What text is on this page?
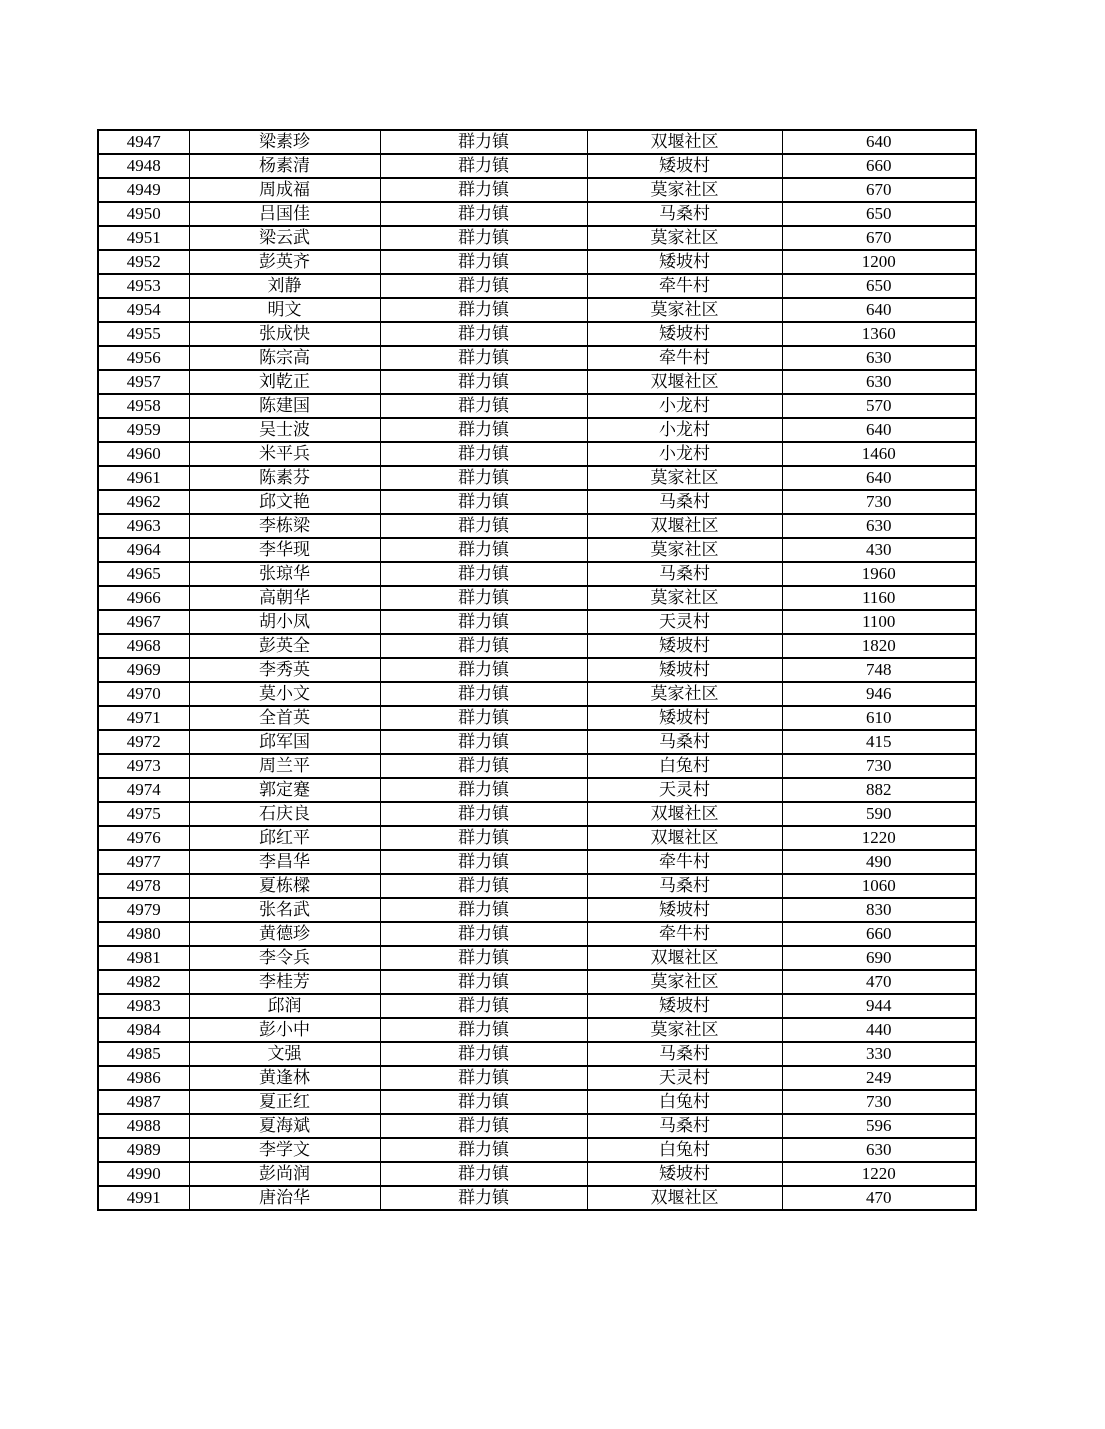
4947	梁素珍	群力镇	双堰社区	640
4948	杨素清	群力镇	矮坡村	660
4949	周成福	群力镇	莫家社区	670
4950	吕国佳	群力镇	马桑村	650
4951	梁云武	群力镇	莫家社区	670
4952	彭英齐	群力镇	矮坡村	1200
4953	刘静	群力镇	牵牛村	650
4954	明文	群力镇	莫家社区	640
4955	张成快	群力镇	矮坡村	1360
4956	陈宗高	群力镇	牵牛村	630
4957	刘乾正	群力镇	双堰社区	630
4958	陈建国	群力镇	小龙村	570
4959	吴士波	群力镇	小龙村	640
4960	米平兵	群力镇	小龙村	1460
4961	陈素芬	群力镇	莫家社区	640
4962	邱文艳	群力镇	马桑村	730
4963	李栋梁	群力镇	双堰社区	630
4964	李华现	群力镇	莫家社区	430
4965	张琼华	群力镇	马桑村	1960
4966	高朝华	群力镇	莫家社区	1160
4967	胡小凤	群力镇	天灵村	1100
4968	彭英全	群力镇	矮坡村	1820
4969	李秀英	群力镇	矮坡村	748
4970	莫小文	群力镇	莫家社区	946
4971	全首英	群力镇	矮坡村	610
4972	邱军国	群力镇	马桑村	415
4973	周兰平	群力镇	白兔村	730
4974	郭定蹇	群力镇	天灵村	882
4975	石庆良	群力镇	双堰社区	590
4976	邱红平	群力镇	双堰社区	1220
4977	李昌华	群力镇	牵牛村	490
4978	夏栋樑	群力镇	马桑村	1060
4979	张名武	群力镇	矮坡村	830
4980	黄德珍	群力镇	牵牛村	660
4981	李令兵	群力镇	双堰社区	690
4982	李桂芳	群力镇	莫家社区	470
4983	邱润	群力镇	矮坡村	944
4984	彭小中	群力镇	莫家社区	440
4985	文强	群力镇	马桑村	330
4986	黄逢林	群力镇	天灵村	249
4987	夏正红	群力镇	白兔村	730
4988	夏海斌	群力镇	马桑村	596
4989	李学文	群力镇	白兔村	630
4990	彭尚润	群力镇	矮坡村	1220
4991	唐治华	群力镇	双堰社区	470
